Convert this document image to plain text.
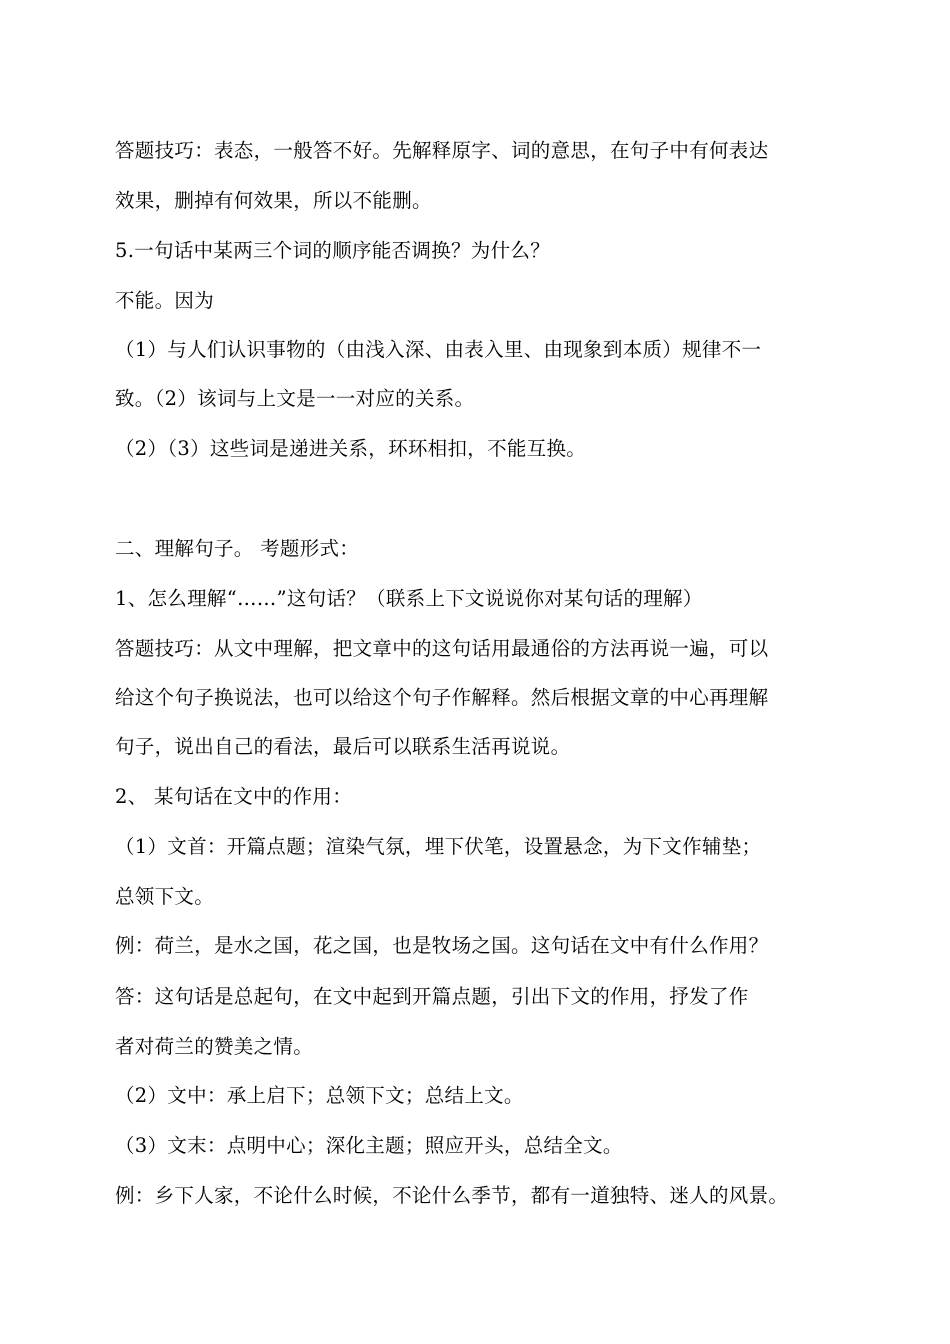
答题技巧：表态，一般答不好。先解释原字、词的意思，在句子中有何表达
效果，删掉有何效果，所以不能删。
5.一句话中某两三个词的顺序能否调换？为什么？
不能。因为
（1）与人们认识事物的（由浅入深、由表入里、由现象到本质）规律不一
致。（2）该词与上文是一一对应的关系。
（2）（3）这些词是递进关系，环环相扣，不能互换。
二、理解句子。 考题形式：
1、怎么理解“……”这句话？（联系上下文说说你对某句话的理解）
答题技巧：从文中理解，把文章中的这句话用最通俗的方法再说一遍，可以
给这个句子换说法，也可以给这个句子作解释。然后根据文章的中心再理解
句子，说出自己的看法，最后可以联系生活再说说。
2、 某句话在文中的作用：
（1）文首：开篇点题；渲染气氛，埋下伏笔，设置悬念，为下文作辅垫；
总领下文。
例：荷兰，是水之国，花之国，也是牧场之国。这句话在文中有什么作用？
答：这句话是总起句，在文中起到开篇点题，引出下文的作用，抒发了作
者对荷兰的赞美之情。
（2）文中：承上启下；总领下文；总结上文。
（3）文末：点明中心；深化主题；照应开头，总结全文。
例：乡下人家，不论什么时候，不论什么季节，都有一道独特、迷人的风景。
